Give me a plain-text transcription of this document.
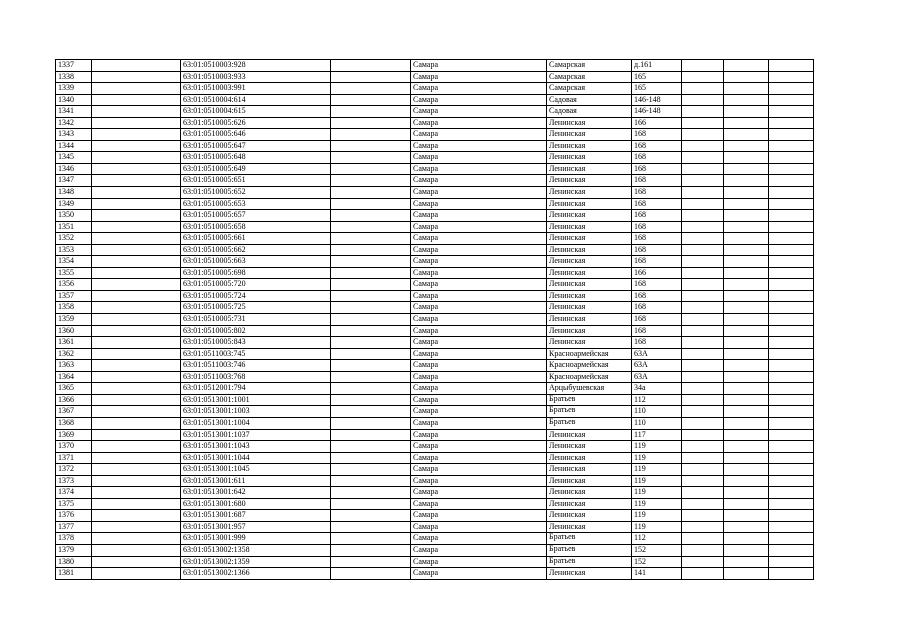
1337		63:01:0510003:928		Самара	Самарская	д.161			
1338		63:01:0510003:933		Самара	Самарская	165			
1339		63:01:0510003:991		Самара	Самарская	165			
1340		63:01:0510004:614		Самара	Садовая	146-148			
1341		63:01:0510004:615		Самара	Садовая	146-148			
1342		63:01:0510005:626		Самара	Ленинская	166			
1343		63:01:0510005:646		Самара	Ленинская	168			
1344		63:01:0510005:647		Самара	Ленинская	168			
1345		63:01:0510005:648		Самара	Ленинская	168			
1346		63:01:0510005:649		Самара	Ленинская	168			
1347		63:01:0510005:651		Самара	Ленинская	168			
1348		63:01:0510005:652		Самара	Ленинская	168			
1349		63:01:0510005:653		Самара	Ленинская	168			
1350		63:01:0510005:657		Самара	Ленинская	168			
1351		63:01:0510005:658		Самара	Ленинская	168			
1352		63:01:0510005:661		Самара	Ленинская	168			
1353		63:01:0510005:662		Самара	Ленинская	168			
1354		63:01:0510005:663		Самара	Ленинская	168			
1355		63:01:0510005:698		Самара	Ленинская	166			
1356		63:01:0510005:720		Самара	Ленинская	168			
1357		63:01:0510005:724		Самара	Ленинская	168			
1358		63:01:0510005:725		Самара	Ленинская	168			
1359		63:01:0510005:731		Самара	Ленинская	168			
1360		63:01:0510005:802		Самара	Ленинская	168			
1361		63:01:0510005:843		Самара	Ленинская	168			
1362		63:01:0511003:745		Самара	Красноармейская	63А			
1363		63:01:0511003:746		Самара	Красноармейская	63А			
1364		63:01:0511003:768		Самара	Красноармейская	63А			
1365		63:01:0512001:794		Самара	Арцыбушевская	34а			
1366		63:01:0513001:1001		Самара	Братьев	112			
1367		63:01:0513001:1003		Самара	Братьев	110			
1368		63:01:0513001:1004		Самара	Братьев	110			
1369		63:01:0513001:1037		Самара	Ленинская	117			
1370		63:01:0513001:1043		Самара	Ленинская	119			
1371		63:01:0513001:1044		Самара	Ленинская	119			
1372		63:01:0513001:1045		Самара	Ленинская	119			
1373		63:01:0513001:611		Самара	Ленинская	119			
1374		63:01:0513001:642		Самара	Ленинская	119			
1375		63:01:0513001:680		Самара	Ленинская	119			
1376		63:01:0513001:687		Самара	Ленинская	119			
1377		63:01:0513001:957		Самара	Ленинская	119			
1378		63:01:0513001:999		Самара	Братьев	112			
1379		63:01:0513002:1358		Самара	Братьев	152			
1380		63:01:0513002:1359		Самара	Братьев	152			
1381		63:01:0513002:1366		Самара	Ленинская	141			
